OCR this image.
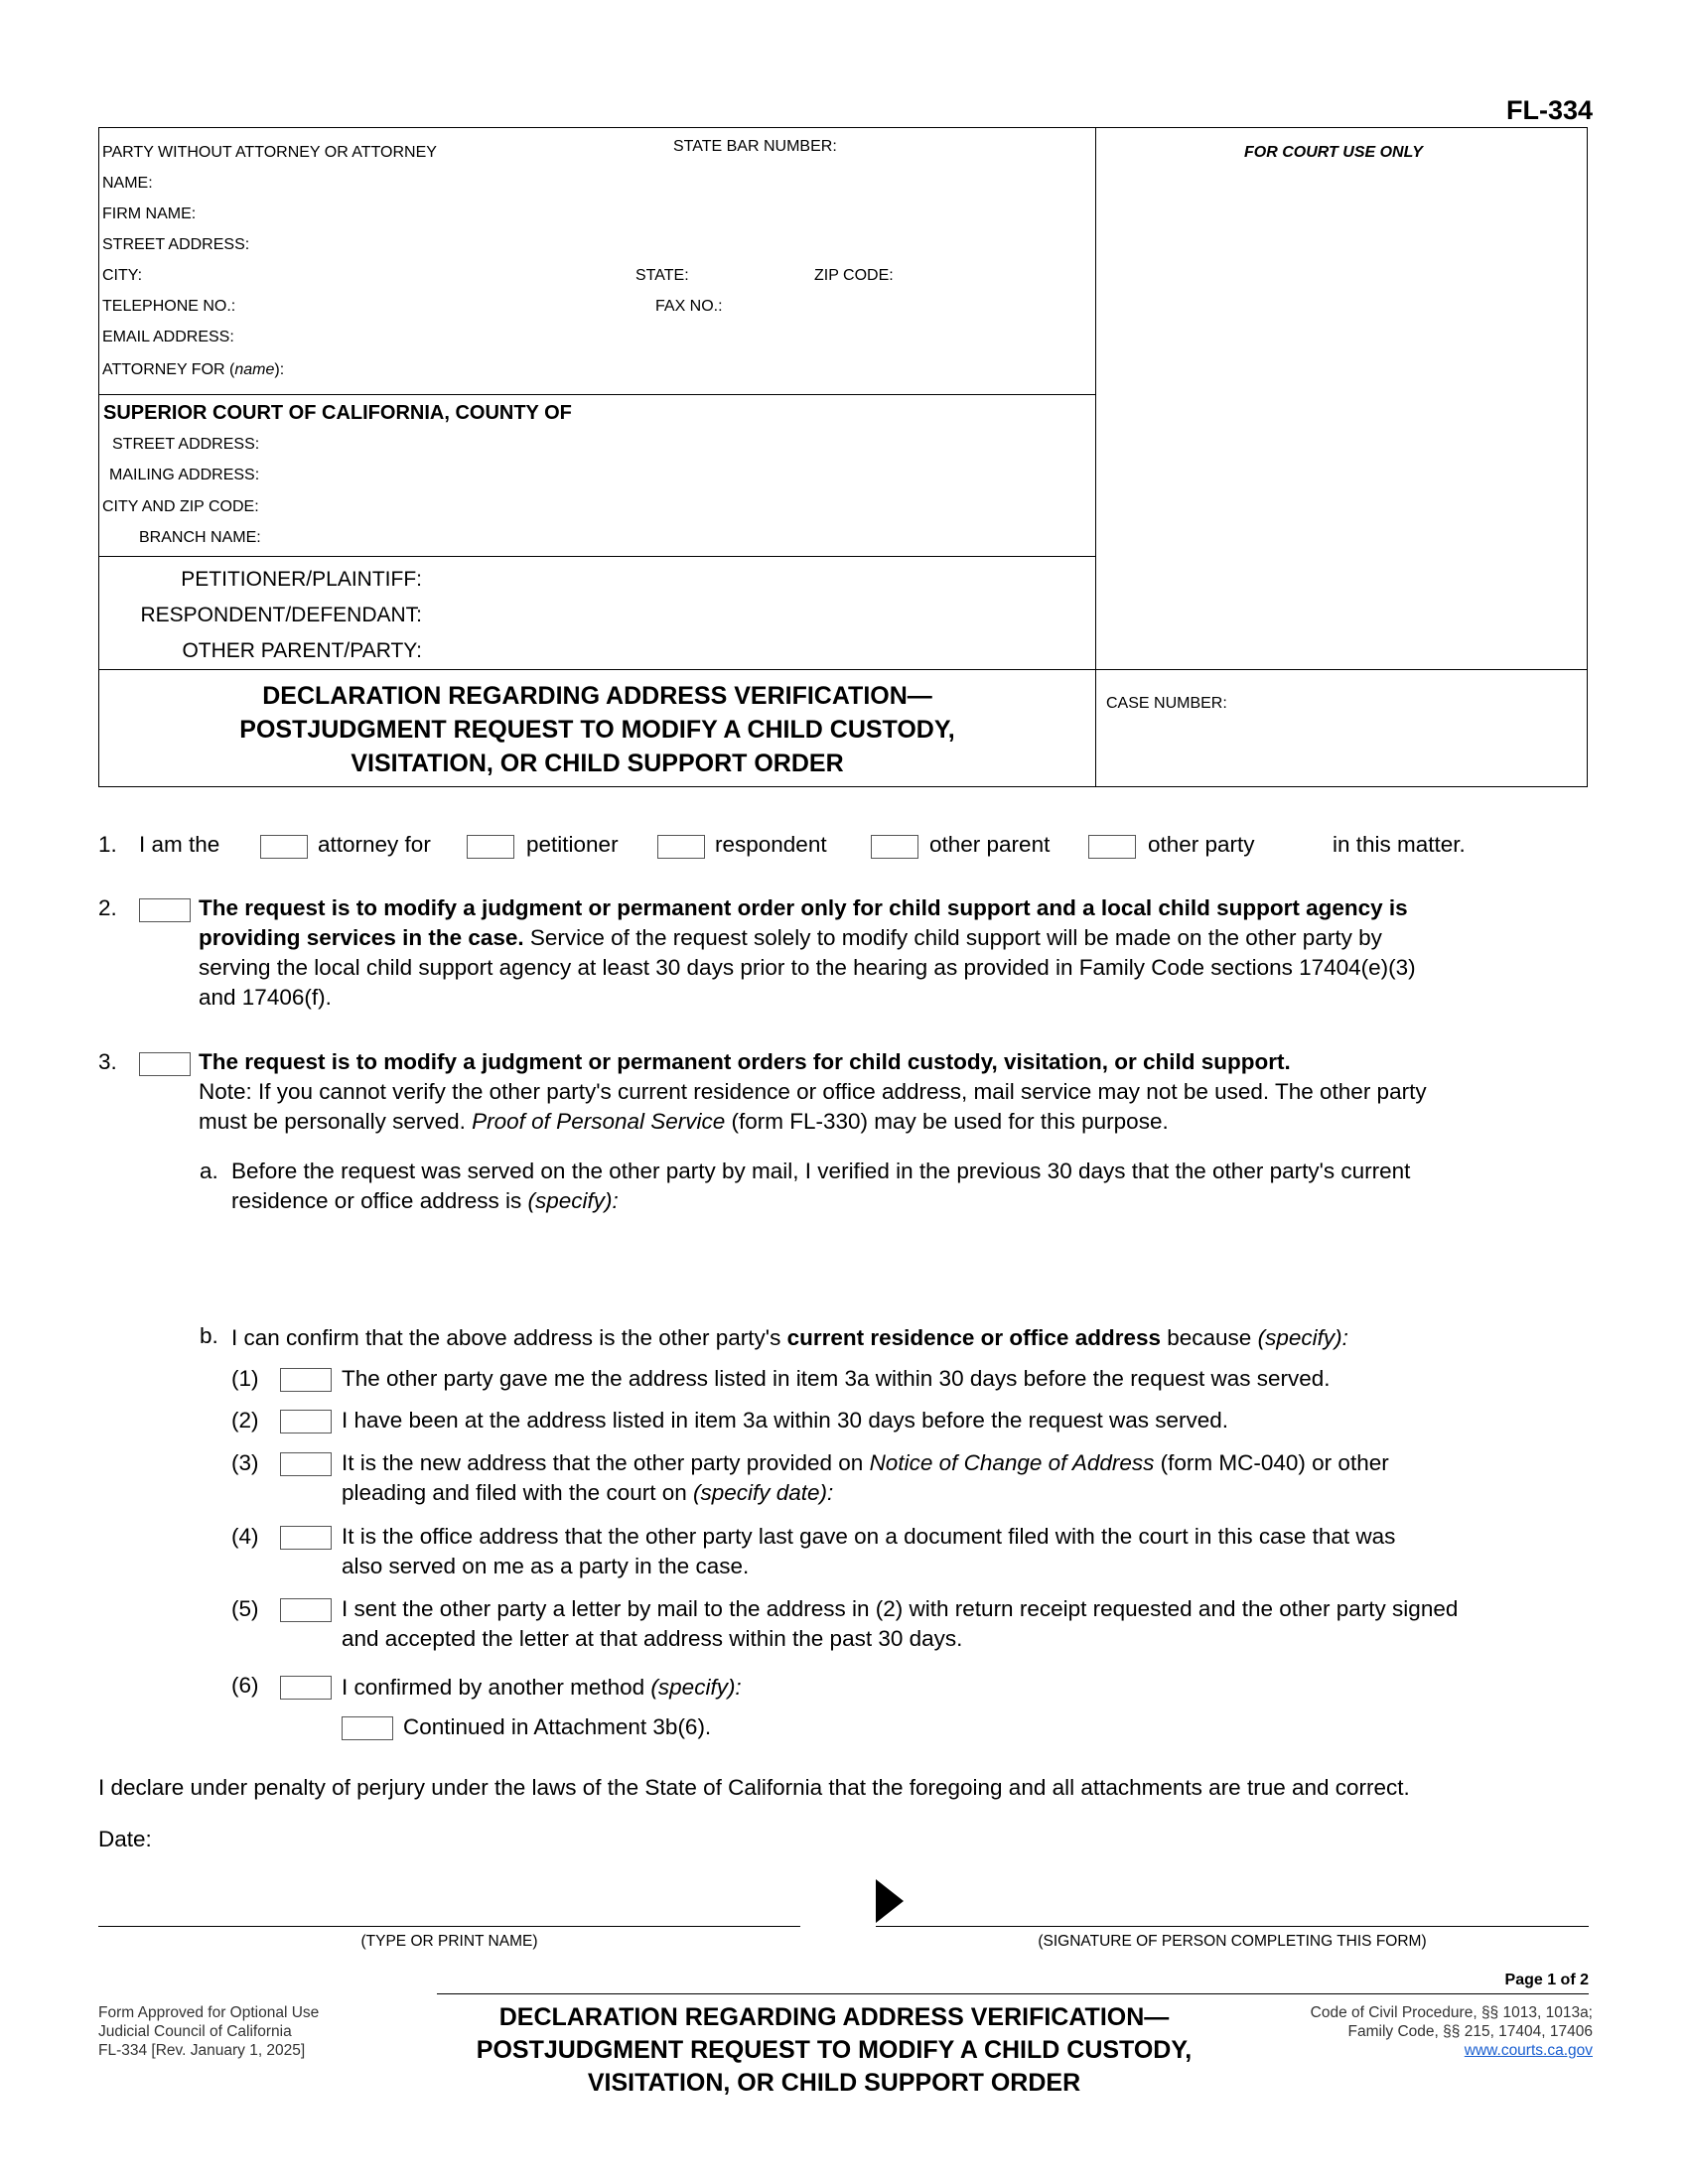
FL-334
PARTY WITHOUT ATTORNEY OR ATTORNEY	STATE BAR NUMBER:
NAME:
FIRM NAME:
STREET ADDRESS:
CITY:	STATE:	ZIP CODE:
TELEPHONE NO.:	FAX NO.:
EMAIL ADDRESS:
ATTORNEY FOR (name):
FOR COURT USE ONLY
SUPERIOR COURT OF CALIFORNIA, COUNTY OF
STREET ADDRESS:
MAILING ADDRESS:
CITY AND ZIP CODE:
BRANCH NAME:
PETITIONER/PLAINTIFF:
RESPONDENT/DEFENDANT:
OTHER PARENT/PARTY:
DECLARATION REGARDING ADDRESS VERIFICATION—
POSTJUDGMENT REQUEST TO MODIFY A CHILD CUSTODY,
VISITATION, OR CHILD SUPPORT ORDER
CASE NUMBER:
1. I am the	attorney for	petitioner	respondent	other parent	other party	in this matter.
2.	The request is to modify a judgment or permanent order only for child support and a local child support agency is
providing services in the case. Service of the request solely to modify child support will be made on the other party by
serving the local child support agency at least 30 days prior to the hearing as provided in Family Code sections 17404(e)(3)
and 17406(f).
3.	The request is to modify a judgment or permanent orders for child custody, visitation, or child support.
Note: If you cannot verify the other party's current residence or office address, mail service may not be used. The other party
must be personally served. Proof of Personal Service (form FL-330) may be used for this purpose.
a. Before the request was served on the other party by mail, I verified in the previous 30 days that the other party's current
residence or office address is (specify):
b. I can confirm that the above address is the other party's current residence or office address because (specify):
(1)	The other party gave me the address listed in item 3a within 30 days before the request was served.
(2)	I have been at the address listed in item 3a within 30 days before the request was served.
(3)	It is the new address that the other party provided on Notice of Change of Address (form MC-040) or other
pleading and filed with the court on (specify date):
(4)	It is the office address that the other party last gave on a document filed with the court in this case that was
also served on me as a party in the case.
(5)	I sent the other party a letter by mail to the address in (2) with return receipt requested and the other party signed
and accepted the letter at that address within the past 30 days.
(6)	I confirmed by another method (specify):
Continued in Attachment 3b(6).
I declare under penalty of perjury under the laws of the State of California that the foregoing and all attachments are true and correct.
Date:
(TYPE OR PRINT NAME)	(SIGNATURE OF PERSON COMPLETING THIS FORM)
Page 1 of 2
Form Approved for Optional Use
Judicial Council of California
FL-334 [Rev. January 1, 2025]
DECLARATION REGARDING ADDRESS VERIFICATION—
POSTJUDGMENT REQUEST TO MODIFY A CHILD CUSTODY,
VISITATION, OR CHILD SUPPORT ORDER
Code of Civil Procedure, §§ 1013, 1013a;
Family Code, §§ 215, 17404, 17406
www.courts.ca.gov
